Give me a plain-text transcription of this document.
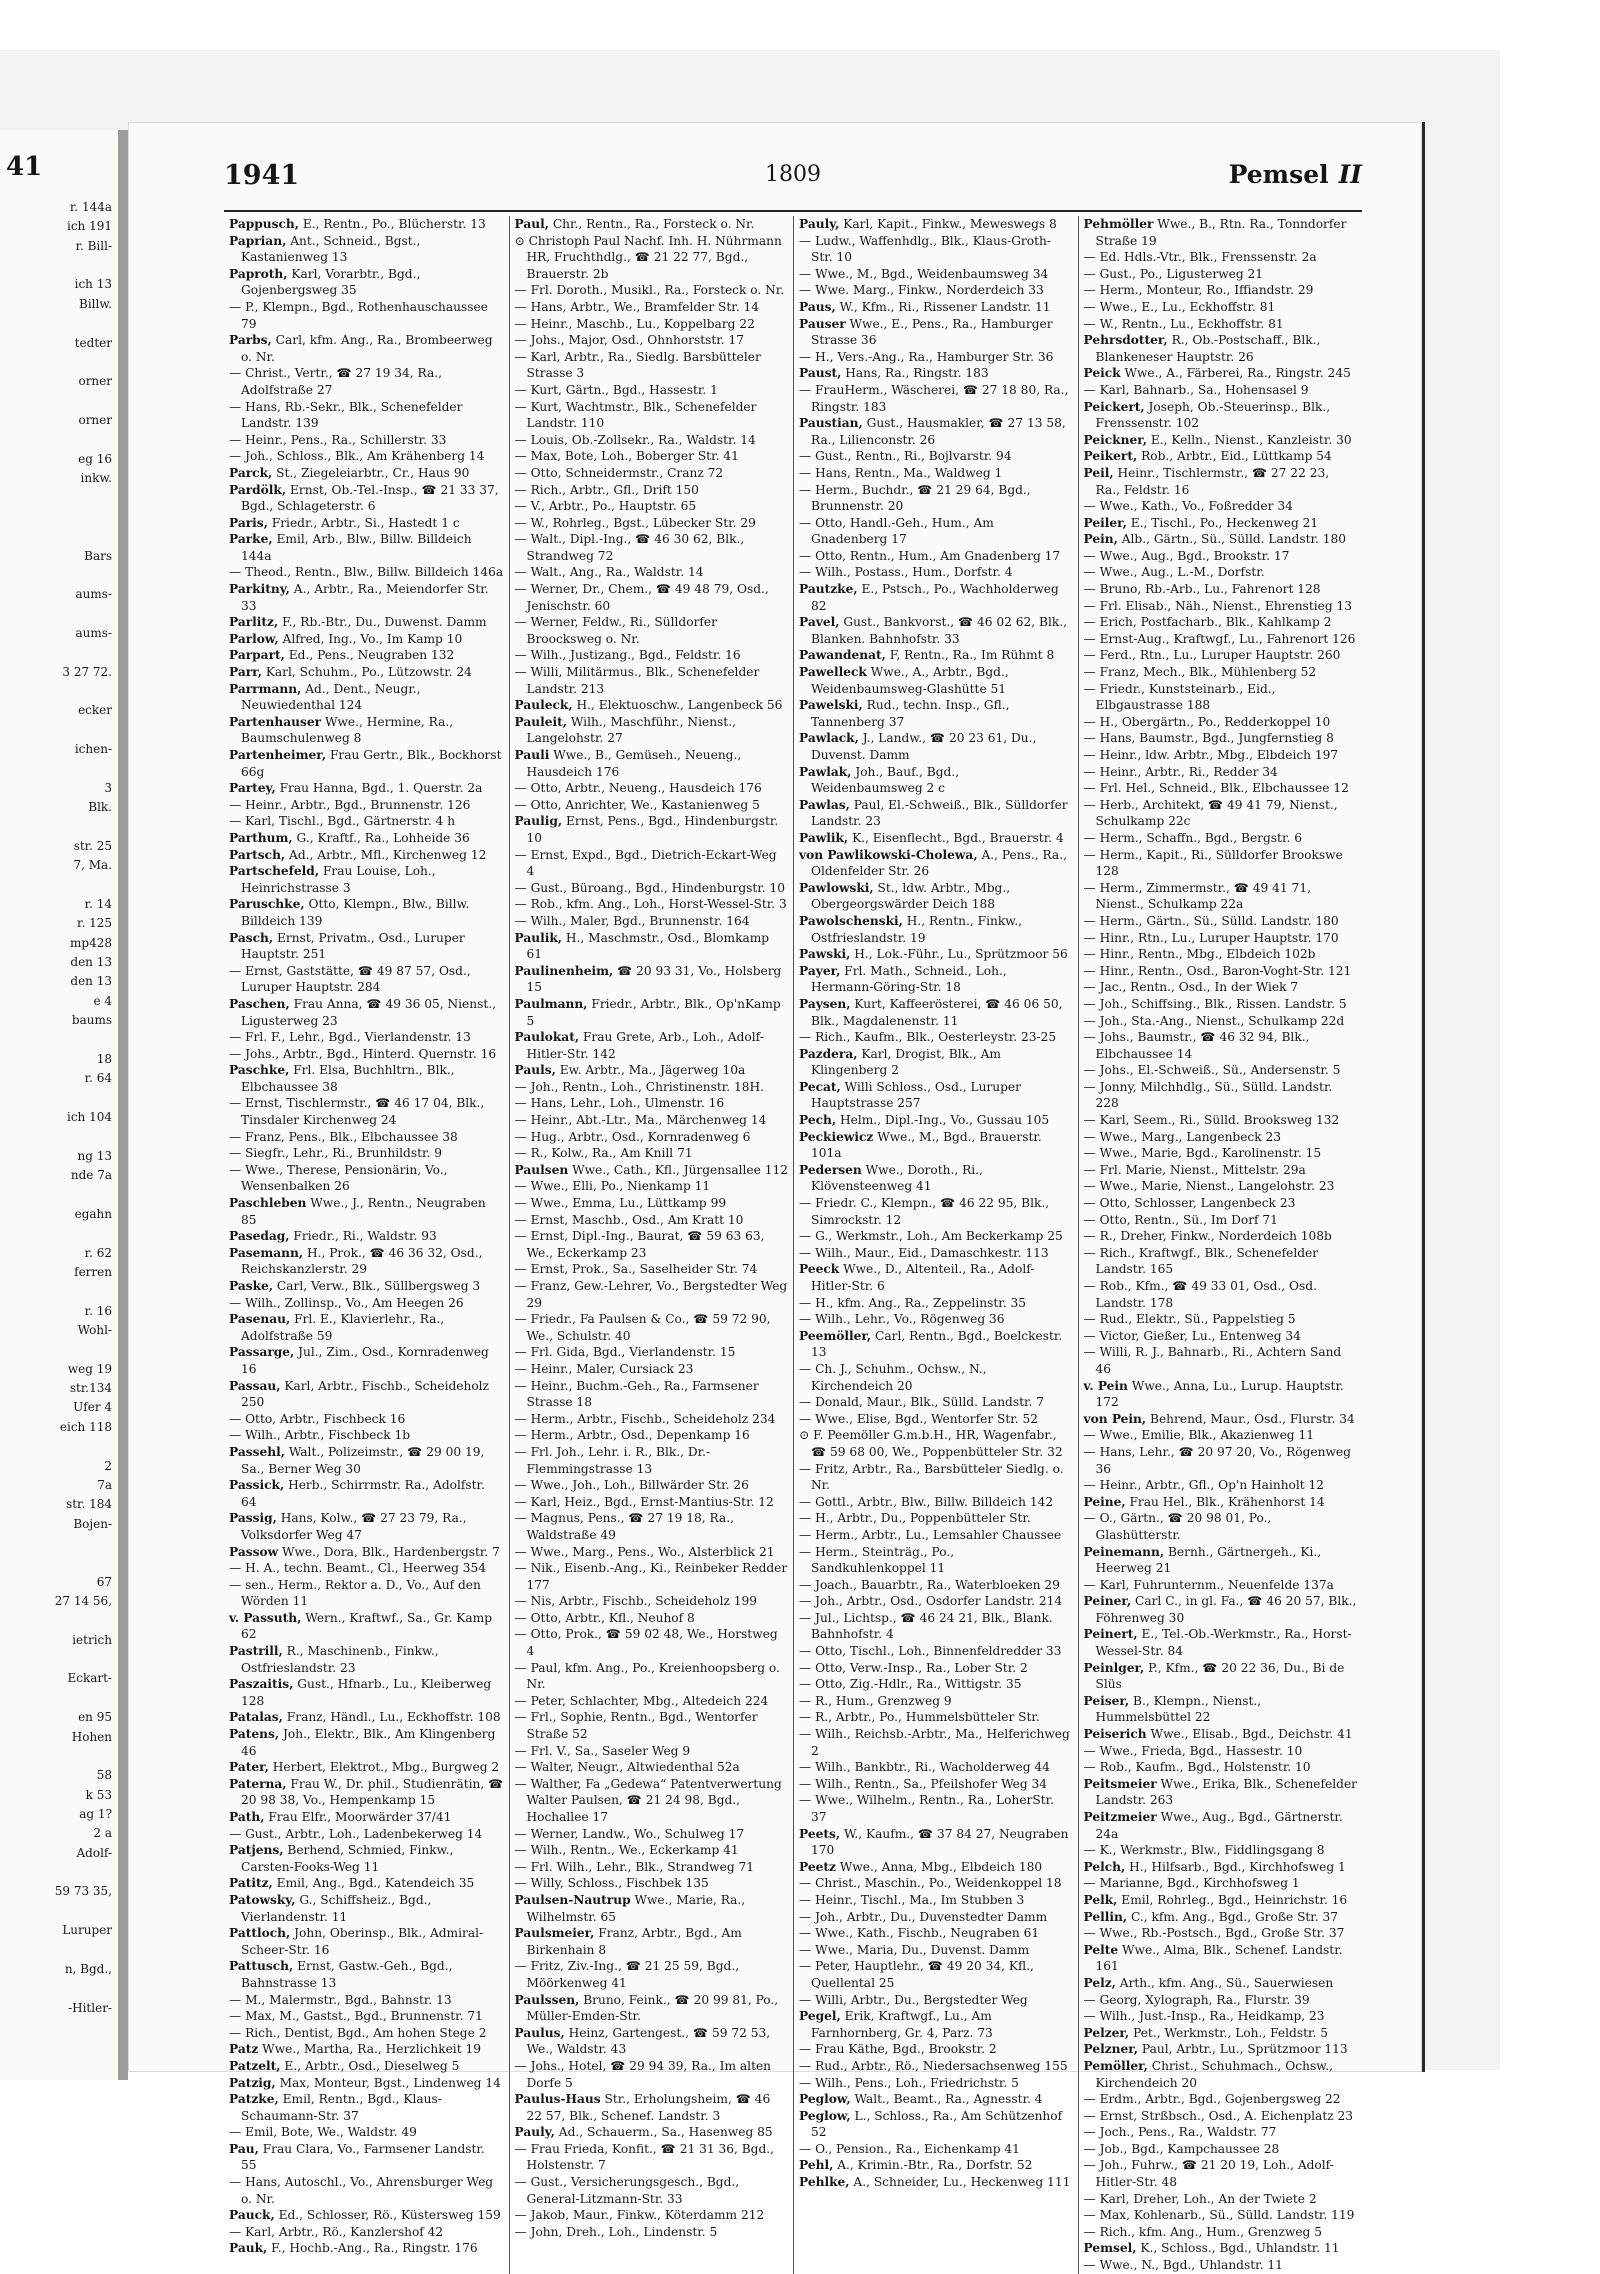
41
r. 144a
ich 191
r. Bill-
ich 13
Billw.
tedter
orner
orner
eg 16
inkw.
Bars
aums-
aums-
3 27 72.
ecker
ichen-
3
Blk.
str. 25
7, Ma.
r. 14
r. 125
mp428
den 13
den 13
e 4
baums
18
r. 64
ich 104
ng 13
nde 7a
egahn
r. 62
ferren
r. 16
Wohl-
weg 19
str.134
Ufer 4
eich 118
2
7a
str. 184
Bojen-
67
27 14 56,
ietrich
Eckart-
en 95
Hohen
58
k 53
ag 1?
2 a
Adolf-
59 73 35,
Luruper
n, Bgd.,
-Hitler-
1941	1809	Pemsel II
Pappusch, E., Rentn., Po., Blücherstr. 13
Paprian, Ant., Schneid., Bgst., Kastanienweg 13
Paproth, Karl, Vorarbtr., Bgd., Gojenbergsweg 35
— P., Klempn., Bgd., Rothenhauschaussee 79
Parbs, Carl, kfm. Ang., Ra., Brombeerweg o. Nr.
— Christ., Vertr., ☎ 27 19 34, Ra., Adolfstraße 27
— Hans, Rb.-Sekr., Blk., Schenefelder Landstr. 139
— Heinr., Pens., Ra., Schillerstr. 33
— Joh., Schloss., Blk., Am Krähenberg 14
Parck, St., Ziegeleiarbtr., Cr., Haus 90
Pardölk, Ernst, Ob.-Tel.-Insp., ☎ 21 33 37, Bgd., Schlageterstr. 6
Paris, Friedr., Arbtr., Si., Hastedt 1 c
Parke, Emil, Arb., Blw., Billw. Billdeich 144a
— Theod., Rentn., Blw., Billw. Billdeich 146a
Parkitny, A., Arbtr., Ra., Meiendorfer Str. 33
Parlitz, F., Rb.-Btr., Du., Duwenst. Damm
Parlow, Alfred, Ing., Vo., Im Kamp 10
Parpart, Ed., Pens., Neugraben 132
Parr, Karl, Schuhm., Po., Lützowstr. 24
Parrmann, Ad., Dent., Neugr., Neuwiedenthal 124
Partenhauser Wwe., Hermine, Ra., Baumschulenweg 8
Partenheimer, Frau Gertr., Blk., Bockhorst 66g
Partey, Frau Hanna, Bgd., 1. Querstr. 2a
— Heinr., Arbtr., Bgd., Brunnenstr. 126
— Karl, Tischl., Bgd., Gärtnerstr. 4 h
Parthum, G., Kraftf., Ra., Lohheide 36
Partsch, Ad., Arbtr., Mfl., Kirchenweg 12
Partschefeld, Frau Louise, Loh., Heinrichstrasse 3
Paruschke, Otto, Klempn., Blw., Billw. Billdeich 139
Pasch, Ernst, Privatm., Osd., Luruper Hauptstr. 251
— Ernst, Gaststätte, ☎ 49 87 57, Osd., Luruper Hauptstr. 284
Paschen, Frau Anna, ☎ 49 36 05, Nienst., Ligusterweg 23
— Frl. F., Lehr., Bgd., Vierlandenstr. 13
— Johs., Arbtr., Bgd., Hinterd. Quernstr. 16
Paschke, Frl. Elsa, Buchhltrn., Blk., Elbchaussee 38
— Ernst, Tischlermstr., ☎ 46 17 04, Blk., Tinsdaler Kirchenweg 24
— Franz, Pens., Blk., Elbchaussee 38
— Siegfr., Lehr., Ri., Brunhildstr. 9
— Wwe., Therese, Pensionärin, Vo., Wensenbalken 26
Paschleben Wwe., J., Rentn., Neugraben 85
Pasedag, Friedr., Ri., Waldstr. 93
Pasemann, H., Prok., ☎ 46 36 32, Osd., Reichskanzlerstr. 29
Paske, Carl, Verw., Blk., Süllbergsweg 3
— Wilh., Zollinsp., Vo., Am Heegen 26
Pasenau, Frl. E., Klavierlehr., Ra., Adolfstraße 59
Passarge, Jul., Zim., Osd., Kornradenweg 16
Passau, Karl, Arbtr., Fischb., Scheideholz 250
— Otto, Arbtr., Fischbeck 16
— Wilh., Arbtr., Fischbeck 1b
Passehl, Walt., Polizeimstr., ☎ 29 00 19, Sa., Berner Weg 30
Passick, Herb., Schirrmstr. Ra., Adolfstr. 64
Passig, Hans, Kolw., ☎ 27 23 79, Ra., Volksdorfer Weg 47
Passow Wwe., Dora, Blk., Hardenbergstr. 7
— H. A., techn. Beamt., Cl., Heerweg 354
— sen., Herm., Rektor a. D., Vo., Auf den Wörden 11
v. Passuth, Wern., Kraftwf., Sa., Gr. Kamp 62
Pastrill, R., Maschinenb., Finkw., Ostfrieslandstr. 23
Paszaitis, Gust., Hfnarb., Lu., Kleiberweg 128
Patalas, Franz, Händl., Lu., Eckhoffstr. 108
Patens, Joh., Elektr., Blk., Am Klingenberg 46
Pater, Herbert, Elektrot., Mbg., Burgweg 2
Paterna, Frau W., Dr. phil., Studienrätin, ☎ 20 98 38, Vo., Hempenkamp 15
Path, Frau Elfr., Moorwärder 37/41
— Gust., Arbtr., Loh., Ladenbekerweg 14
Patjens, Berhend, Schmied, Finkw., Carsten-Fooks-Weg 11
Patitz, Emil, Ang., Bgd., Katendeich 35
Patowsky, G., Schiffsheiz., Bgd., Vierlandenstr. 11
Pattloch, John, Oberinsp., Blk., Admiral-Scheer-Str. 16
Pattusch, Ernst, Gastw.-Geh., Bgd., Bahnstrasse 13
— M., Malermstr., Bgd., Bahnstr. 13
— Max, M., Gastst., Bgd., Brunnenstr. 71
— Rich., Dentist, Bgd., Am hohen Stege 2
Patz Wwe., Martha, Ra., Herzlichkeit 19
Patzelt, E., Arbtr., Osd., Dieselweg 5
Patzig, Max, Monteur, Bgst., Lindenweg 14
Patzke, Emil, Rentn., Bgd., Klaus-Schaumann-Str. 37
— Emil, Bote, We., Waldstr. 49
Pau, Frau Clara, Vo., Farmsener Landstr. 55
— Hans, Autoschl., Vo., Ahrensburger Weg o. Nr.
Pauck, Ed., Schlosser, Rö., Küstersweg 159
— Karl, Arbtr., Rö., Kanzlershof 42
Pauk, F., Hochb.-Ang., Ra., Ringstr. 176
Paul, Chr., Rentn., Ra., Forsteck o. Nr.
⊙ Christoph Paul Nachf. Inh. H. Nührmann HR, Fruchthdlg., ☎ 21 22 77, Bgd., Brauerstr. 2b
— Frl. Doroth., Musikl., Ra., Forsteck o. Nr.
— Hans, Arbtr., We., Bramfelder Str. 14
— Heinr., Maschb., Lu., Koppelbarg 22
— Johs., Major, Osd., Ohnhorststr. 17
— Karl, Arbtr., Ra., Siedlg. Barsbütteler Strasse 3
— Kurt, Gärtn., Bgd., Hassestr. 1
— Kurt, Wachtmstr., Blk., Schenefelder Landstr. 110
— Louis, Ob.-Zollsekr., Ra., Waldstr. 14
— Max, Bote, Loh., Boberger Str. 41
— Otto, Schneidermstr., Cranz 72
— Rich., Arbtr., Gfl., Drift 150
— V., Arbtr., Po., Hauptstr. 65
— W., Rohrleg., Bgst., Lübecker Str. 29
— Walt., Dipl.-Ing., ☎ 46 30 62, Blk., Strandweg 72
— Walt., Ang., Ra., Waldstr. 14
— Werner, Dr., Chem., ☎ 49 48 79, Osd., Jenischstr. 60
— Werner, Feldw., Ri., Sülldorfer Broocksweg o. Nr.
— Wilh., Justizang., Bgd., Feldstr. 16
— Willi, Militärmus., Blk., Schenefelder Landstr. 213
Pauleck, H., Elektuoschw., Langenbeck 56
Pauleit, Wilh., Maschführ., Nienst., Langelohstr. 27
Pauli Wwe., B., Gemüseh., Neueng., Hausdeich 176
— Otto, Arbtr., Neueng., Hausdeich 176
— Otto, Anrichter, We., Kastanienweg 5
Paulig, Ernst, Pens., Bgd., Hindenburgstr. 10
— Ernst, Expd., Bgd., Dietrich-Eckart-Weg 4
— Gust., Büroang., Bgd., Hindenburgstr. 10
— Rob., kfm. Ang., Loh., Horst-Wessel-Str. 3
— Wilh., Maler, Bgd., Brunnenstr. 164
Paulik, H., Maschmstr., Osd., Blomkamp 61
Paulinenheim, ☎ 20 93 31, Vo., Holsberg 15
Paulmann, Friedr., Arbtr., Blk., Op'nKamp 5
Paulokat, Frau Grete, Arb., Loh., Adolf-Hitler-Str. 142
Pauls, Ew. Arbtr., Ma., Jägerweg 10a
— Joh., Rentn., Loh., Christinenstr. 18H.
— Hans, Lehr., Loh., Ulmenstr. 16
— Heinr., Abt.-Ltr., Ma., Märchenweg 14
— Hug., Arbtr., Osd., Kornradenweg 6
— R., Kolw., Ra., Am Knill 71
Paulsen Wwe., Cath., Kfl., Jürgensallee 112
— Wwe., Elli, Po., Nienkamp 11
— Wwe., Emma, Lu., Lüttkamp 99
— Ernst, Maschb., Osd., Am Kratt 10
— Ernst, Dipl.-Ing., Baurat, ☎ 59 63 63, We., Eckerkamp 23
— Ernst, Prok., Sa., Saselheider Str. 74
— Franz, Gew.-Lehrer, Vo., Bergstedter Weg 29
— Friedr., Fa Paulsen & Co., ☎ 59 72 90, We., Schulstr. 40
— Frl. Gida, Bgd., Vierlandenstr. 15
— Heinr., Maler, Cursiack 23
— Heinr., Buchm.-Geh., Ra., Farmsener Strasse 18
— Herm., Arbtr., Fischb., Scheideholz 234
— Herm., Arbtr., Osd., Depenkamp 16
— Frl. Joh., Lehr. i. R., Blk., Dr.-Flemmingstrasse 13
— Wwe., Joh., Loh., Billwärder Str. 26
— Karl, Heiz., Bgd., Ernst-Mantius-Str. 12
— Magnus, Pens., ☎ 27 19 18, Ra., Waldstraße 49
— Wwe., Marg., Pens., Wo., Alsterblick 21
— Nik., Eisenb.-Ang., Ki., Reinbeker Redder 177
— Nis, Arbtr., Fischb., Scheideholz 199
— Otto, Arbtr., Kfl., Neuhof 8
— Otto, Prok., ☎ 59 02 48, We., Horstweg 4
— Paul, kfm. Ang., Po., Kreienhoopsberg o. Nr.
— Peter, Schlachter, Mbg., Altedeich 224
— Frl., Sophie, Rentn., Bgd., Wentorfer Straße 52
— Frl. V., Sa., Saseler Weg 9
— Walter, Neugr., Altwiedenthal 52a
— Walther, Fa „Gedewa“ Patentverwertung Walter Paulsen, ☎ 21 24 98, Bgd., Hochallee 17
— Werner, Landw., Wo., Schulweg 17
— Wilh., Rentn., We., Eckerkamp 41
— Frl. Wilh., Lehr., Blk., Strandweg 71
— Willy, Schloss., Fischbek 135
Paulsen-Nautrup Wwe., Marie, Ra., Wilhelmstr. 65
Paulsmeier, Franz, Arbtr., Bgd., Am Birkenhain 8
— Fritz, Ziv.-Ing., ☎ 21 25 59, Bgd., Möörkenweg 41
Paulssen, Bruno, Feink., ☎ 20 99 81, Po., Müller-Emden-Str.
Paulus, Heinz, Gartengest., ☎ 59 72 53, We., Waldstr. 43
— Johs., Hotel, ☎ 29 94 39, Ra., Im alten Dorfe 5
Paulus-Haus Str., Erholungsheim, ☎ 46 22 57, Blk., Schenef. Landstr. 3
Pauly, Ad., Schauerm., Sa., Hasenweg 85
— Frau Frieda, Konfit., ☎ 21 31 36, Bgd., Holstenstr. 7
— Gust., Versicherungsgesch., Bgd., General-Litzmann-Str. 33
— Jakob, Maur., Finkw., Köterdamm 212
— John, Dreh., Loh., Lindenstr. 5
Pauly, Karl, Kapit., Finkw., Meweswegs 8
— Ludw., Waffenhdlg., Blk., Klaus-Groth-Str. 10
— Wwe., M., Bgd., Weidenbaumsweg 34
— Wwe. Marg., Finkw., Norderdeich 33
Paus, W., Kfm., Ri., Rissener Landstr. 11
Pauser Wwe., E., Pens., Ra., Hamburger Strasse 36
— H., Vers.-Ang., Ra., Hamburger Str. 36
Paust, Hans, Ra., Ringstr. 183
— FrauHerm., Wäscherei, ☎ 27 18 80, Ra., Ringstr. 183
Paustian, Gust., Hausmakler, ☎ 27 13 58, Ra., Lilienconstr. 26
— Gust., Rentn., Ri., Bojlvarstr. 94
— Hans, Rentn., Ma., Waldweg 1
— Herm., Buchdr., ☎ 21 29 64, Bgd., Brunnenstr. 20
— Otto, Handl.-Geh., Hum., Am Gnadenberg 17
— Otto, Rentn., Hum., Am Gnadenberg 17
— Wilh., Postass., Hum., Dorfstr. 4
Pautzke, E., Pstsch., Po., Wachholderweg 82
Pavel, Gust., Bankvorst., ☎ 46 02 62, Blk., Blanken. Bahnhofstr. 33
Pawandenat, F, Rentn., Ra., Im Rühmt 8
Pawelleck Wwe., A., Arbtr., Bgd., Weidenbaumsweg-Glashütte 51
Pawelski, Rud., techn. Insp., Gfl., Tannenberg 37
Pawlack, J., Landw., ☎ 20 23 61, Du., Duvenst. Damm
Pawlak, Joh., Bauf., Bgd., Weidenbaumsweg 2 c
Pawlas, Paul, El.-Schweiß., Blk., Sülldorfer Landstr. 23
Pawlik, K., Eisenflecht., Bgd., Brauerstr. 4
von Pawlikowski-Cholewa, A., Pens., Ra., Oldenfelder Str. 26
Pawlowski, St., ldw. Arbtr., Mbg., Obergeorgswärder Deich 188
Pawolschenski, H., Rentn., Finkw., Ostfrieslandstr. 19
Pawski, H., Lok.-Führ., Lu., Sprützmoor 56
Payer, Frl. Math., Schneid., Loh., Hermann-Göring-Str. 18
Paysen, Kurt, Kaffeerösterei, ☎ 46 06 50, Blk., Magdalenenstr. 11
— Rich., Kaufm., Blk., Oesterleystr. 23-25
Pazdera, Karl, Drogist, Blk., Am Klingenberg 2
Pecat, Willi Schloss., Osd., Luruper Hauptstrasse 257
Pech, Helm., Dipl.-Ing., Vo., Gussau 105
Peckiewicz Wwe., M., Bgd., Brauerstr. 101a
Pedersen Wwe., Doroth., Ri., Klövensteenweg 41
— Friedr. C., Klempn., ☎ 46 22 95, Blk., Simrockstr. 12
— G., Werkmstr., Loh., Am Beckerkamp 25
— Wilh., Maur., Eid., Damaschkestr. 113
Peeck Wwe., D., Altenteil., Ra., Adolf-Hitler-Str. 6
— H., kfm. Ang., Ra., Zeppelinstr. 35
— Wilh., Lehr., Vo., Rögenweg 36
Peemöller, Carl, Rentn., Bgd., Boelckestr. 13
— Ch. J., Schuhm., Ochsw., N., Kirchendeich 20
— Donald, Maur., Blk., Sülld. Landstr. 7
— Wwe., Elise, Bgd., Wentorfer Str. 52
⊙ F. Peemöller G.m.b.H., HR, Wagenfabr., ☎ 59 68 00, We., Poppenbütteler Str. 32
— Fritz, Arbtr., Ra., Barsbütteler Siedlg. o. Nr.
— Gottl., Arbtr., Blw., Billw. Billdeich 142
— H., Arbtr., Du., Poppenbütteler Str.
— Herm., Arbtr., Lu., Lemsahler Chaussee
— Herm., Steinträg., Po., Sandkuhlenkoppel 11
— Joach., Bauarbtr., Ra., Waterbloeken 29
— Joh., Arbtr., Osd., Osdorfer Landstr. 214
— Jul., Lichtsp., ☎ 46 24 21, Blk., Blank. Bahnhofstr. 4
— Otto, Tischl., Loh., Binnenfeldredder 33
— Otto, Verw.-Insp., Ra., Lober Str. 2
— Otto, Zig.-Hdlr., Ra., Wittigstr. 35
— R., Hum., Grenzweg 9
— R., Arbtr., Po., Hummelsbütteler Str.
— Wilh., Reichsb.-Arbtr., Ma., Helferichweg 2
— Wilh., Bankbtr., Ri., Wacholderweg 44
— Wilh., Rentn., Sa., Pfeilshofer Weg 34
— Wwe., Wilhelm., Rentn., Ra., LoherStr. 37
Peets, W., Kaufm., ☎ 37 84 27, Neugraben 170
Peetz Wwe., Anna, Mbg., Elbdeich 180
— Christ., Maschin., Po., Weidenkoppel 18
— Heinr., Tischl., Ma., Im Stubben 3
— Joh., Arbtr., Du., Duvenstedter Damm
— Wwe., Kath., Fischb., Neugraben 61
— Wwe., Maria, Du., Duvenst. Damm
— Peter, Hauptlehr., ☎ 49 20 34, Kfl., Quellental 25
— Willi, Arbtr., Du., Bergstedter Weg
Pegel, Erik, Kraftwgf., Lu., Am Farnhornberg, Gr. 4, Parz. 73
— Frau Käthe, Bgd., Brookstr. 2
— Rud., Arbtr., Rö., Niedersachsenweg 155
— Wilh., Pens., Loh., Friedrichstr. 5
Peglow, Walt., Beamt., Ra., Agnesstr. 4
Peglow, L., Schloss., Ra., Am Schützenhof 52
— O., Pension., Ra., Eichenkamp 41
Pehl, A., Krimin.-Btr., Ra., Dorfstr. 52
Pehlke, A., Schneider, Lu., Heckenweg 111
Pehmöller Wwe., B., Rtn. Ra., Tonndorfer Straße 19
— Ed. Hdls.-Vtr., Blk., Frenssenstr. 2a
— Gust., Po., Ligusterweg 21
— Herm., Monteur, Ro., Iffiandstr. 29
— Wwe., E., Lu., Eckhoffstr. 81
— W., Rentn., Lu., Eckhoffstr. 81
Pehrsdotter, R., Ob.-Postschaff., Blk., Blankeneser Hauptstr. 26
Peick Wwe., A., Färberei, Ra., Ringstr. 245
— Karl, Bahnarb., Sa., Hohensasel 9
Peickert, Joseph, Ob.-Steuerinsp., Blk., Frenssenstr. 102
Peickner, E., Kelln., Nienst., Kanzleistr. 30
Peikert, Rob., Arbtr., Eid., Lüttkamp 54
Peil, Heinr., Tischlermstr., ☎ 27 22 23, Ra., Feldstr. 16
— Wwe., Kath., Vo., Foßredder 34
Peiler, E., Tischl., Po., Heckenweg 21
Pein, Alb., Gärtn., Sü., Sülld. Landstr. 180
— Wwe., Aug., Bgd., Brookstr. 17
— Wwe., Aug., L.-M., Dorfstr.
— Bruno, Rb.-Arb., Lu., Fahrenort 128
— Frl. Elisab., Näh., Nienst., Ehrenstieg 13
— Erich, Postfacharb., Blk., Kahlkamp 2
— Ernst-Aug., Kraftwgf., Lu., Fahrenort 126
— Ferd., Rtn., Lu., Luruper Hauptstr. 260
— Franz, Mech., Blk., Mühlenberg 52
— Friedr., Kunststeinarb., Eid., Elbgaustrasse 188
— H., Obergärtn., Po., Redderkoppel 10
— Hans, Baumstr., Bgd., Jungfernstieg 8
— Heinr., ldw. Arbtr., Mbg., Elbdeich 197
— Heinr., Arbtr., Ri., Redder 34
— Frl. Hel., Schneid., Blk., Elbchaussee 12
— Herb., Architekt, ☎ 49 41 79, Nienst., Schulkamp 22c
— Herm., Schaffn., Bgd., Bergstr. 6
— Herm., Kapit., Ri., Sülldorfer Brookswe 128
— Herm., Zimmermstr., ☎ 49 41 71, Nienst., Schulkamp 22a
— Herm., Gärtn., Sü., Sülld. Landstr. 180
— Hinr., Rtn., Lu., Luruper Hauptstr. 170
— Hinr., Rentn., Mbg., Elbdeich 102b
— Hinr., Rentn., Osd., Baron-Voght-Str. 121
— Jac., Rentn., Osd., In der Wiek 7
— Joh., Schiffsing., Blk., Rissen. Landstr. 5
— Joh., Sta.-Ang., Nienst., Schulkamp 22d
— Johs., Baumstr., ☎ 46 32 94, Blk., Elbchaussee 14
— Johs., El.-Schweiß., Sü., Andersenstr. 5
— Jonny, Milchhdlg., Sü., Sülld. Landstr. 228
— Karl, Seem., Ri., Sülld. Brooksweg 132
— Wwe., Marg., Langenbeck 23
— Wwe., Marie, Bgd., Karolinenstr. 15
— Frl. Marie, Nienst., Mittelstr. 29a
— Wwe., Marie, Nienst., Langelohstr. 23
— Otto, Schlosser, Langenbeck 23
— Otto, Rentn., Sü., Im Dorf 71
— R., Dreher, Finkw., Norderdeich 108b
— Rich., Kraftwgf., Blk., Schenefelder Landstr. 165
— Rob., Kfm., ☎ 49 33 01, Osd., Osd. Landstr. 178
— Rud., Elektr., Sü., Pappelstieg 5
— Victor, Gießer, Lu., Entenweg 34
— Willi, R. J., Bahnarb., Ri., Achtern Sand 46
v. Pein Wwe., Anna, Lu., Lurup. Hauptstr. 172
von Pein, Behrend, Maur., Osd., Flurstr. 34
— Wwe., Emilie, Blk., Akazienweg 11
— Hans, Lehr., ☎ 20 97 20, Vo., Rögenweg 36
— Heinr., Arbtr., Gfl., Op'n Hainholt 12
Peine, Frau Hel., Blk., Krähenhorst 14
— O., Gärtn., ☎ 20 98 01, Po., Glashütterstr.
Peinemann, Bernh., Gärtnergeh., Ki., Heerweg 21
— Karl, Fuhrunternm., Neuenfelde 137a
Peiner, Carl C., in gl. Fa., ☎ 46 20 57, Blk., Föhrenweg 30
Peinert, E., Tel.-Ob.-Werkmstr., Ra., Horst-Wessel-Str. 84
Peinlger, P., Kfm., ☎ 20 22 36, Du., Bi de Slüs
Peiser, B., Klempn., Nienst., Hummelsbüttel 22
Peiserich Wwe., Elisab., Bgd., Deichstr. 41
— Wwe., Frieda, Bgd., Hassestr. 10
— Rob., Kaufm., Bgd., Holstenstr. 10
Peitsmeier Wwe., Erika, Blk., Schenefelder Landstr. 263
Peitzmeier Wwe., Aug., Bgd., Gärtnerstr. 24a
— K., Werkmstr., Blw., Fiddlingsgang 8
Pelch, H., Hilfsarb., Bgd., Kirchhofsweg 1
— Marianne, Bgd., Kirchhofsweg 1
Pelk, Emil, Rohrleg., Bgd., Heinrichstr. 16
Pellin, C., kfm. Ang., Bgd., Große Str. 37
— Wwe., Rb.-Postsch., Bgd., Große Str. 37
Pelte Wwe., Alma, Blk., Schenef. Landstr. 161
Pelz, Arth., kfm. Ang., Sü., Sauerwiesen
— Georg, Xylograph, Ra., Flurstr. 39
— Wilh., Just.-Insp., Ra., Heidkamp, 23
Pelzer, Pet., Werkmstr., Loh., Feldstr. 5
Pelzner, Paul, Arbtr., Lu., Sprützmoor 113
Pemöller, Christ., Schuhmach., Ochsw., Kirchendeich 20
— Erdm., Arbtr., Bgd., Gojenbergsweg 22
— Ernst, Strßbsch., Osd., A. Eichenplatz 23
— Joch., Pens., Ra., Waldstr. 77
— Job., Bgd., Kampchaussee 28
— Joh., Fuhrw., ☎ 21 20 19, Loh., Adolf-Hitler-Str. 48
— Karl, Dreher, Loh., An der Twiete 2
— Max, Kohlenarb., Sü., Sülld. Landstr. 119
— Rich., kfm. Ang., Hum., Grenzweg 5
Pemsel, K., Schloss., Bgd., Uhlandstr. 11
— Wwe., N., Bgd., Uhlandstr. 11
